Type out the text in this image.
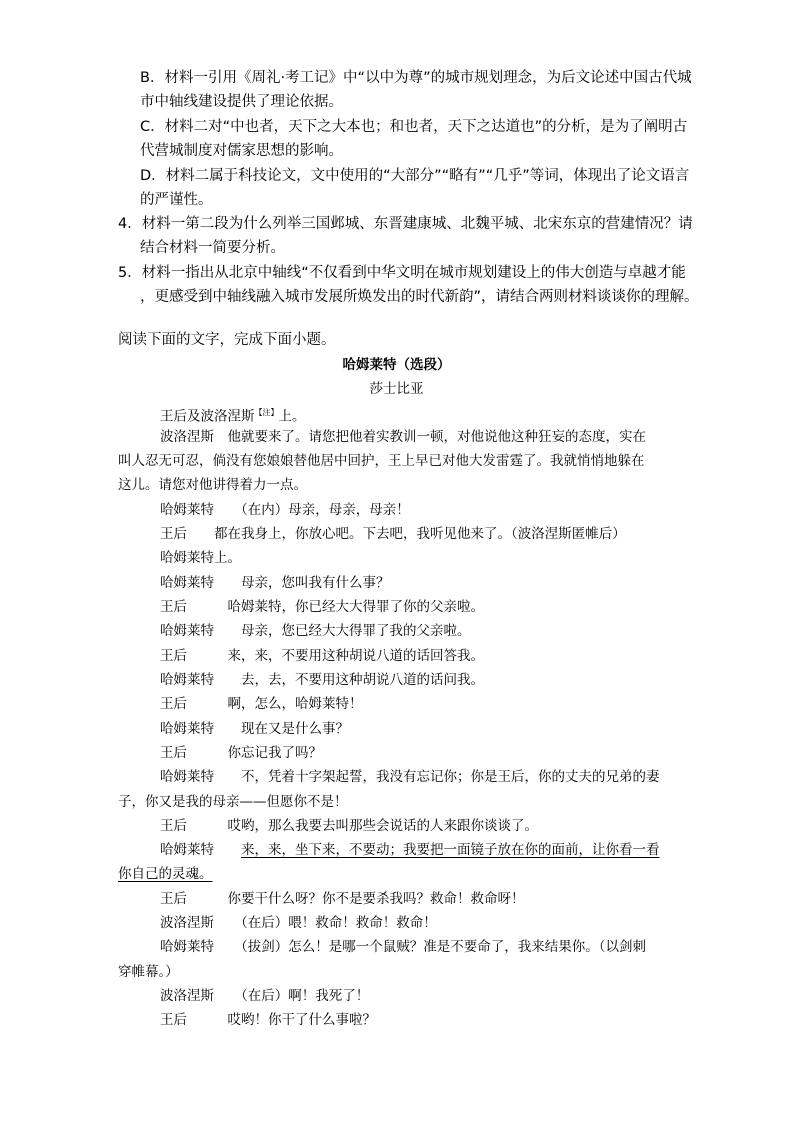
B．材料一引用《周礼·考工记》中“以中为尊”的城市规划理念，为后文论述中国古代城
市中轴线建设提供了理论依据。
C．材料二对“中也者，天下之大本也；和也者，天下之达道也”的分析，是为了阐明古
代营城制度对儒家思想的影响。
D．材料二属于科技论文，文中使用的“大部分”“略有”“几乎”等词，体现出了论文语言
的严谨性。
4．材料一第二段为什么列举三国邺城、东晋建康城、北魏平城、北宋东京的营建情况？请
结合材料一简要分析。
5．材料一指出从北京中轴线“不仅看到中华文明在城市规划建设上的伟大创造与卓越才能
，更感受到中轴线融入城市发展所焕发出的时代新韵”，请结合两则材料谈谈你的理解。
阅读下面的文字，完成下面小题。
哈姆莱特（选段）
莎士比亚
王后及波洛涅斯$^{【注】}$上。
波洛涅斯　他就要来了。请您把他着实教训一顿，对他说他这种狂妄的态度，实在
叫人忍无可忍，倘没有您娘娘替他居中回护，王上早已对他大发雷霆了。我就悄悄地躲在
这儿。请您对他讲得着力一点。
哈姆莱特　　（在内）母亲，母亲，母亲！
王后　　都在我身上，你放心吧。下去吧，我听见他来了。（波洛涅斯匿帷后）
哈姆莱特上。
哈姆莱特　　母亲，您叫我有什么事？
王后　　　哈姆莱特，你已经大大得罪了你的父亲啦。
哈姆莱特　　母亲，您已经大大得罪了我的父亲啦。
王后　　　来，来，不要用这种胡说八道的话回答我。
哈姆莱特　　去，去，不要用这种胡说八道的话问我。
王后　　　啊，怎么，哈姆莱特！
哈姆莱特　　现在又是什么事？
王后　　　你忘记我了吗？
哈姆莱特　　不，凭着十字架起誓，我没有忘记你；你是王后，你的丈夫的兄弟的妻
子，你又是我的母亲——但愿你不是！
王后　　　哎哟，那么我要去叫那些会说话的人来跟你谈谈了。
哈姆莱特　　来，来，坐下来，不要动；我要把一面镜子放在你的面前，让你看一看
你自己的灵魂。
王后　　　你要干什么呀？你不是要杀我吗？救命！救命呀！
波洛涅斯　　（在后）喂！救命！救命！救命！
哈姆莱特　　（拔剑）怎么！是哪一个鼠贼？准是不要命了，我来结果你。（以剑刺
穿帷幕。）
波洛涅斯　　（在后）啊！我死了！
王后　　　哎哟！你干了什么事啦？
